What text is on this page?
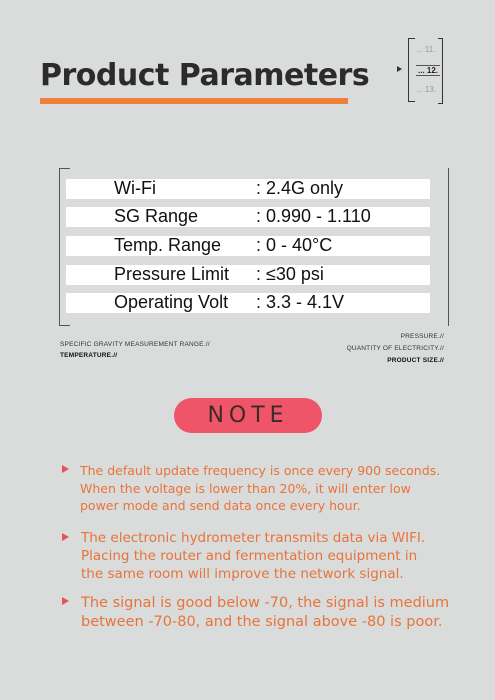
Product Parameters
... 11.
... 12.
... 13.
Wi-Fi	: 2.4G only
SG Range	: 0.990 - 1.110
Temp. Range : 0 - 40°C
Pressure Limit : ≤30 psi
Operating Volt : 3.3 - 4.1V
SPECIFIC GRAVITY MEASUREMENT RANGE.//
TEMPERATURE.//
PRESSURE.//
QUANTITY OF ELECTRICITY.//
PRODUCT SIZE.//
NOTE
The default update frequency is once every 900 seconds.
When the voltage is lower than 20%, it will enter low
power mode and send data once every hour.
The electronic hydrometer transmits data via WIFI.
Placing the router and fermentation equipment in
the same room will improve the network signal.
The signal is good below -70, the signal is medium
between -70-80, and the signal above -80 is poor.
